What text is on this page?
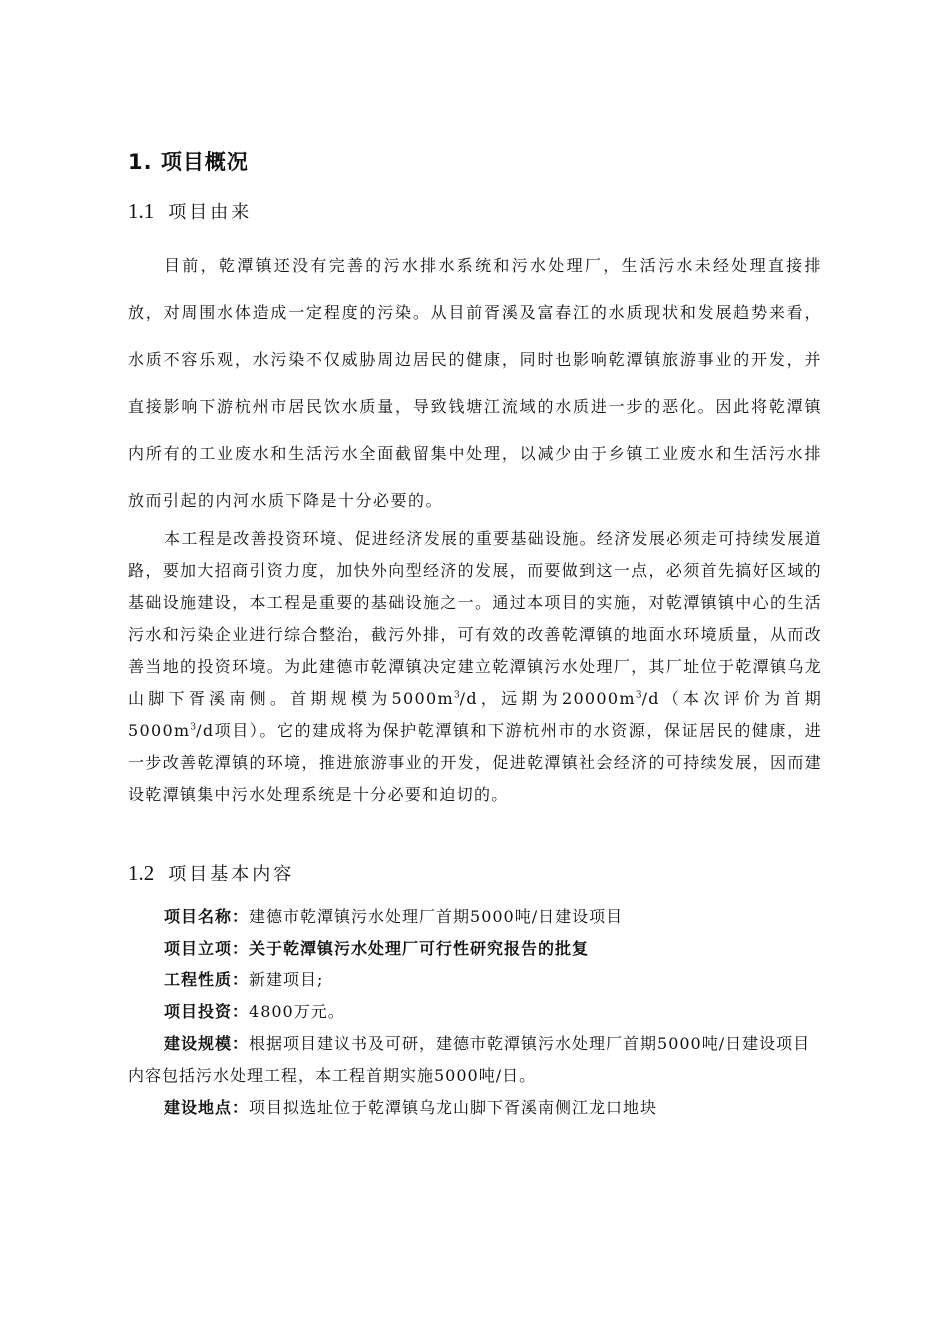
1. 项目概况
1.1 项目由来
目前，乾潭镇还没有完善的污水排水系统和污水处理厂，生活污水未经处理直接排放，对周围水体造成一定程度的污染。从目前胥溪及富春江的水质现状和发展趋势来看，水质不容乐观，水污染不仅威胁周边居民的健康，同时也影响乾潭镇旅游事业的开发，并直接影响下游杭州市居民饮水质量，导致钱塘江流域的水质进一步的恶化。因此将乾潭镇内所有的工业废水和生活污水全面截留集中处理，以减少由于乡镇工业废水和生活污水排放而引起的内河水质下降是十分必要的。
本工程是改善投资环境、促进经济发展的重要基础设施。经济发展必须走可持续发展道路，要加大招商引资力度，加快外向型经济的发展，而要做到这一点，必须首先搞好区域的基础设施建设，本工程是重要的基础设施之一。通过本项目的实施，对乾潭镇镇中心的生活污水和污染企业进行综合整治，截污外排，可有效的改善乾潭镇的地面水环境质量，从而改善当地的投资环境。为此建德市乾潭镇决定建立乾潭镇污水处理厂，其厂址位于乾潭镇乌龙山脚下胥溪南侧。首期规模为$5000m^3/d$，远期为$20000m^3/d$（本次评价为首期$5000m^3/d$项目）。它的建成将为保护乾潭镇和下游杭州市的水资源，保证居民的健康，进一步改善乾潭镇的环境，推进旅游事业的开发，促进乾潭镇社会经济的可持续发展，因而建设乾潭镇集中污水处理系统是十分必要和迫切的。
1.2 项目基本内容
项目名称：建德市乾潭镇污水处理厂首期5000吨/日建设项目
项目立项：关于乾潭镇污水处理厂可行性研究报告的批复
工程性质：新建项目;
项目投资：4800万元。
建设规模：根据项目建议书及可研，建德市乾潭镇污水处理厂首期5000吨/日建设项目内容包括污水处理工程，本工程首期实施5000吨/日。
建设地点：项目拟选址位于乾潭镇乌龙山脚下胥溪南侧江龙口地块
